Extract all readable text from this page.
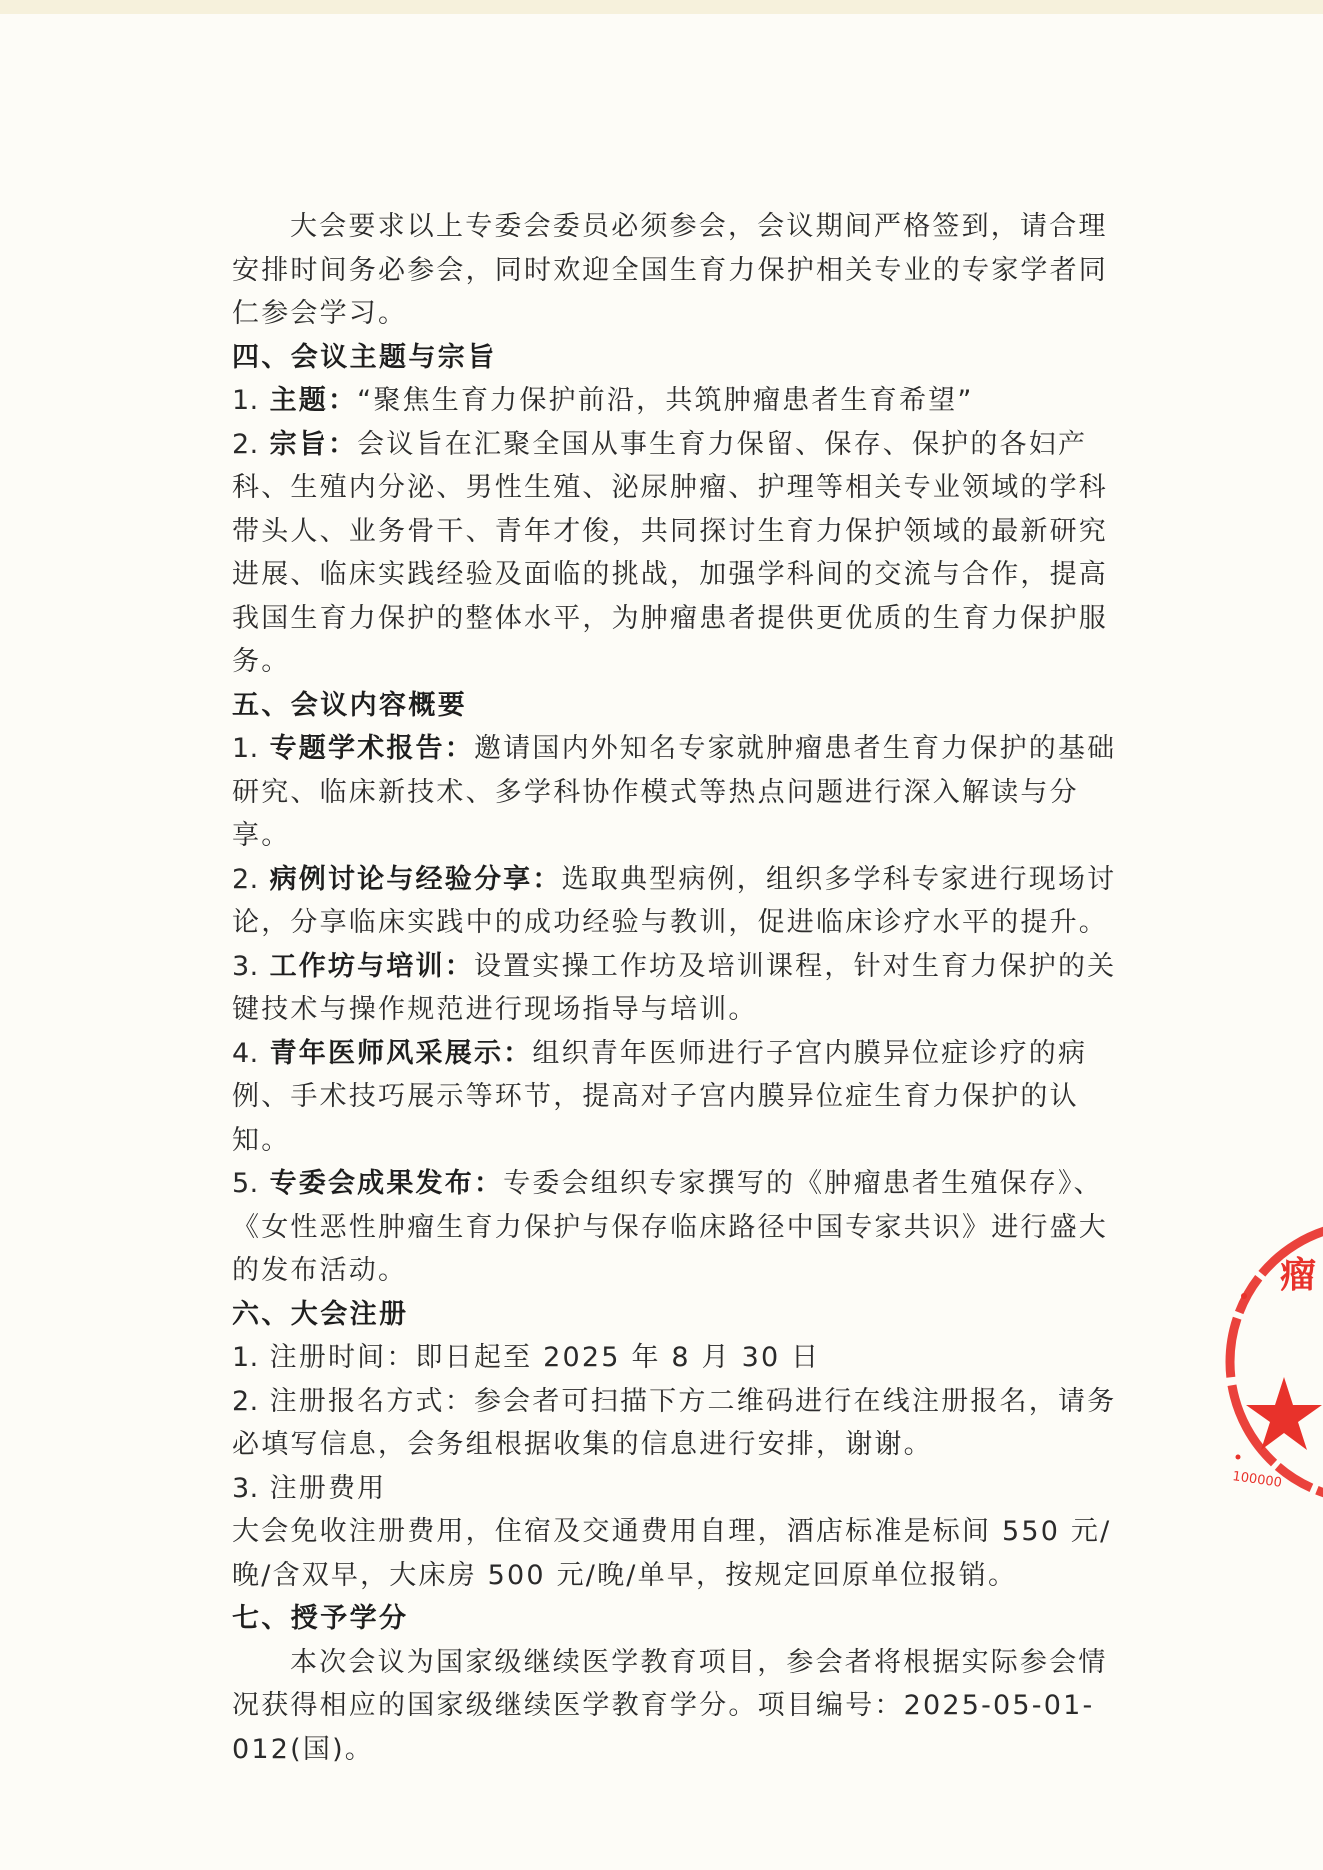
大会要求以上专委会委员必须参会，会议期间严格签到，请合理安排时间务必参会，同时欢迎全国生育力保护相关专业的专家学者同仁参会学习。

四、会议主题与宗旨

1. 主题：“聚焦生育力保护前沿，共筑肿瘤患者生育希望”

2. 宗旨：会议旨在汇聚全国从事生育力保留、保存、保护的各妇产科、生殖内分泌、男性生殖、泌尿肿瘤、护理等相关专业领域的学科带头人、业务骨干、青年才俊，共同探讨生育力保护领域的最新研究进展、临床实践经验及面临的挑战，加强学科间的交流与合作，提高我国生育力保护的整体水平，为肿瘤患者提供更优质的生育力保护服务。

五、会议内容概要

1. 专题学术报告：邀请国内外知名专家就肿瘤患者生育力保护的基础研究、临床新技术、多学科协作模式等热点问题进行深入解读与分享。

2. 病例讨论与经验分享：选取典型病例，组织多学科专家进行现场讨论，分享临床实践中的成功经验与教训，促进临床诊疗水平的提升。

3. 工作坊与培训：设置实操工作坊及培训课程，针对生育力保护的关键技术与操作规范进行现场指导与培训。

4. 青年医师风采展示：组织青年医师进行子宫内膜异位症诊疗的病例、手术技巧展示等环节，提高对子宫内膜异位症生育力保护的认知。

5. 专委会成果发布：专委会组织专家撰写的《肿瘤患者生殖保存》、《女性恶性肿瘤生育力保护与保存临床路径中国专家共识》进行盛大的发布活动。

六、大会注册

1. 注册时间：即日起至 2025 年 8 月 30 日

2. 注册报名方式：参会者可扫描下方二维码进行在线注册报名，请务必填写信息，会务组根据收集的信息进行安排，谢谢。

3. 注册费用

大会免收注册费用，住宿及交通费用自理，酒店标准是标间 550 元/晚/含双早，大床房 500 元/晚/单早，按规定回原单位报销。

七、授予学分

本次会议为国家级继续医学教育项目，参会者将根据实际参会情况获得相应的国家级继续医学教育学分。项目编号：2025-05-01-012(国)。

瘤
100000
